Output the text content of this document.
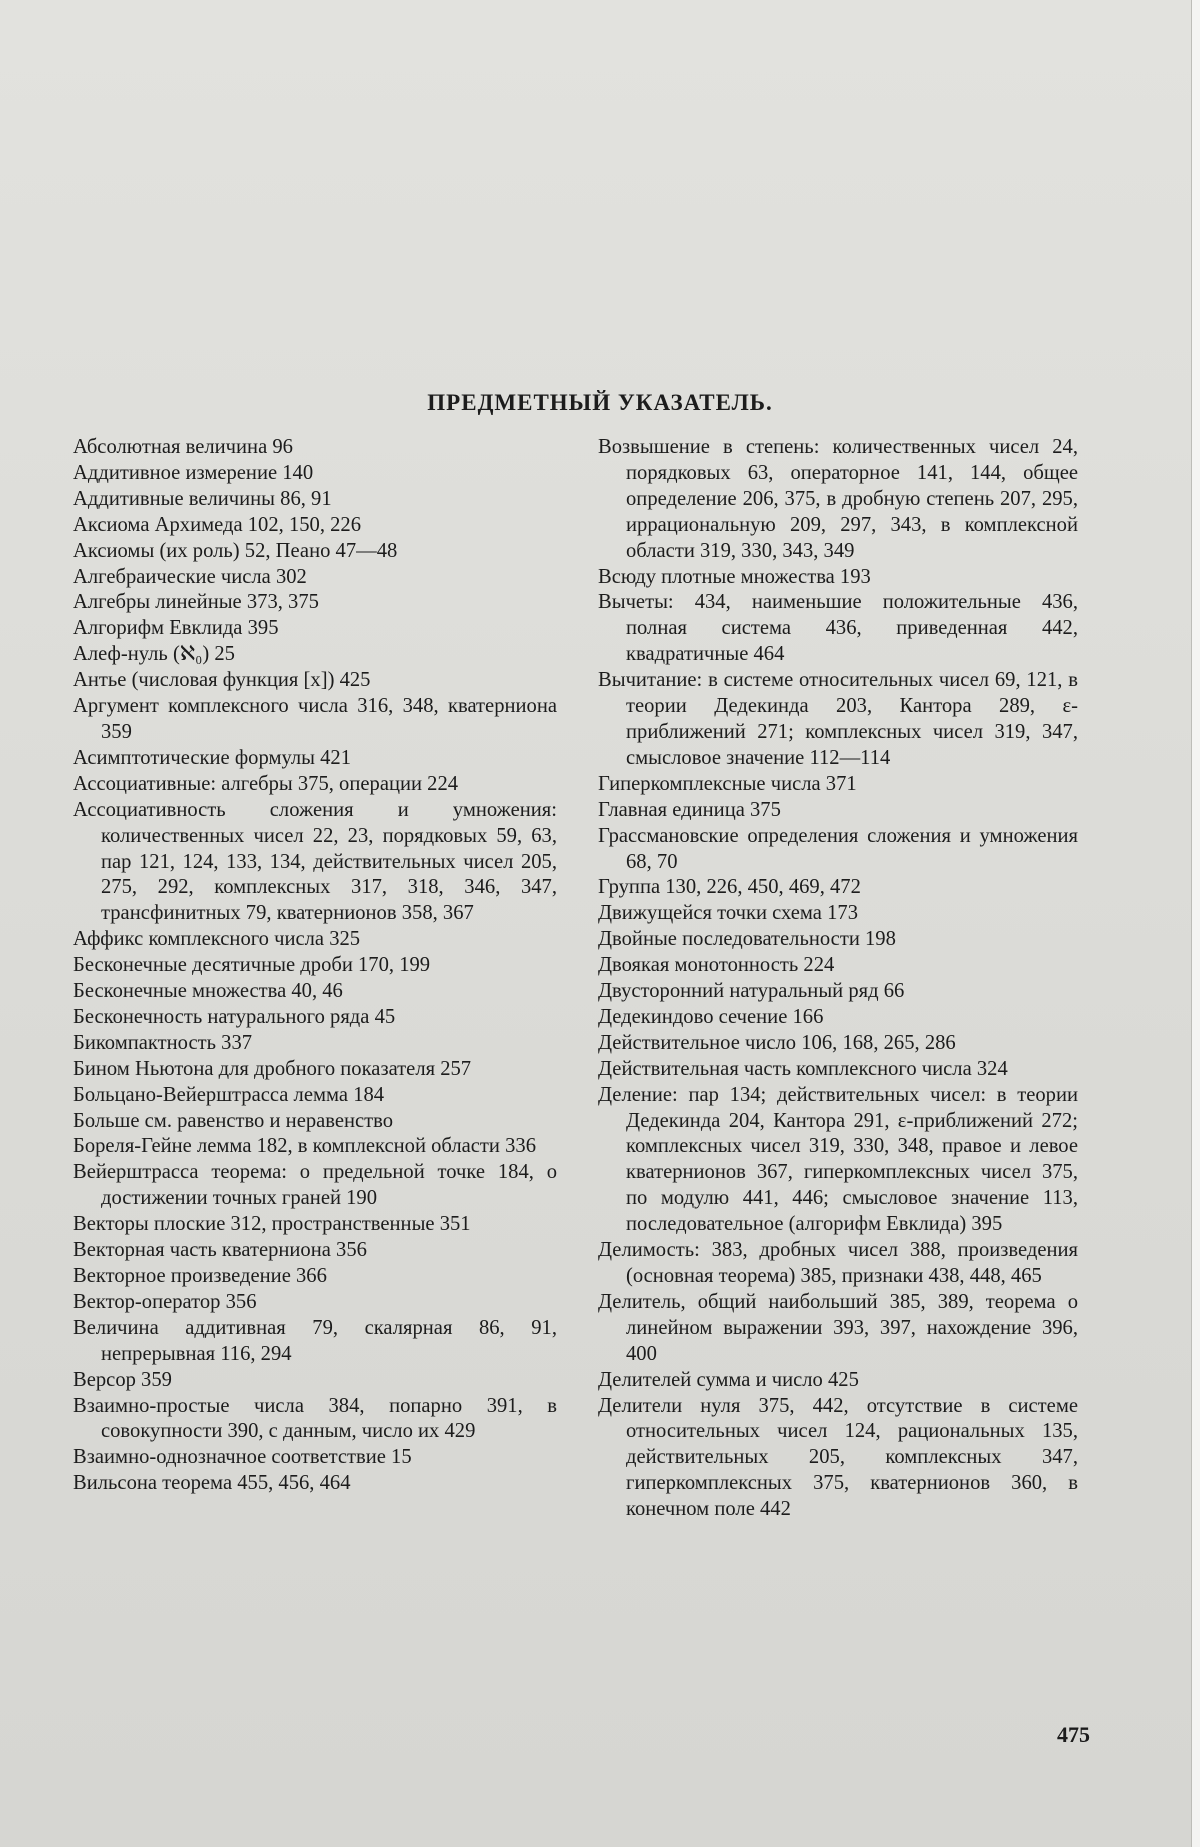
ПРЕДМЕТНЫЙ УКАЗАТЕЛЬ.
Абсолютная величина 96
Аддитивное измерение 140
Аддитивные величины 86, 91
Аксиома Архимеда 102, 150, 226
Аксиомы (их роль) 52, Пеано 47—48
Алгебраические числа 302
Алгебры линейные 373, 375
Алгорифм Евклида 395
Алеф-нуль (ℵ₀) 25
Антье (числовая функция [x]) 425
Аргумент комплексного числа 316, 348, кватерниона 359
Асимптотические формулы 421
Ассоциативные: алгебры 375, операции 224
Ассоциативность сложения и умножения: количественных чисел 22, 23, порядковых 59, 63, пар 121, 124, 133, 134, действительных чисел 205, 275, 292, комплексных 317, 318, 346, 347, трансфинитных 79, кватернионов 358, 367
Аффикс комплексного числа 325
Бесконечные десятичные дроби 170, 199
Бесконечные множества 40, 46
Бесконечность натурального ряда 45
Бикомпактность 337
Бином Ньютона для дробного показателя 257
Больцано-Вейерштрасса лемма 184
Больше см. равенство и неравенство
Бореля-Гейне лемма 182, в комплексной области 336
Вейерштрасса теорема: о предельной точке 184, о достижении точных граней 190
Векторы плоские 312, пространственные 351
Векторная часть кватерниона 356
Векторное произведение 366
Вектор-оператор 356
Величина аддитивная 79, скалярная 86, 91, непрерывная 116, 294
Версор 359
Взаимно-простые числа 384, попарно 391, в совокупности 390, с данным, число их 429
Взаимно-однозначное соответствие 15
Вильсона теорема 455, 456, 464
Возвышение в степень: количественных чисел 24, порядковых 63, операторное 141, 144, общее определение 206, 375, в дробную степень 207, 295, иррациональную 209, 297, 343, в комплексной области 319, 330, 343, 349
Всюду плотные множества 193
Вычеты: 434, наименьшие положительные 436, полная система 436, приведенная 442, квадратичные 464
Вычитание: в системе относительных чисел 69, 121, в теории Дедекинда 203, Кантора 289, ε-приближений 271; комплексных чисел 319, 347, смысловое значение 112—114
Гиперкомплексные числа 371
Главная единица 375
Грассмановские определения сложения и умножения 68, 70
Группа 130, 226, 450, 469, 472
Движущейся точки схема 173
Двойные последовательности 198
Двоякая монотонность 224
Двусторонний натуральный ряд 66
Дедекиндово сечение 166
Действительное число 106, 168, 265, 286
Действительная часть комплексного числа 324
Деление: пар 134; действительных чисел: в теории Дедекинда 204, Кантора 291, ε-приближений 272; комплексных чисел 319, 330, 348, правое и левое кватернионов 367, гиперкомплексных чисел 375, по модулю 441, 446; смысловое значение 113, последовательное (алгорифм Евклида) 395
Делимость: 383, дробных чисел 388, произведения (основная теорема) 385, признаки 438, 448, 465
Делитель, общий наибольший 385, 389, теорема о линейном выражении 393, 397, нахождение 396, 400
Делителей сумма и число 425
Делители нуля 375, 442, отсутствие в системе относительных чисел 124, рациональных 135, действительных 205, комплексных 347, гиперкомплексных 375, кватернионов 360, в конечном поле 442
475
